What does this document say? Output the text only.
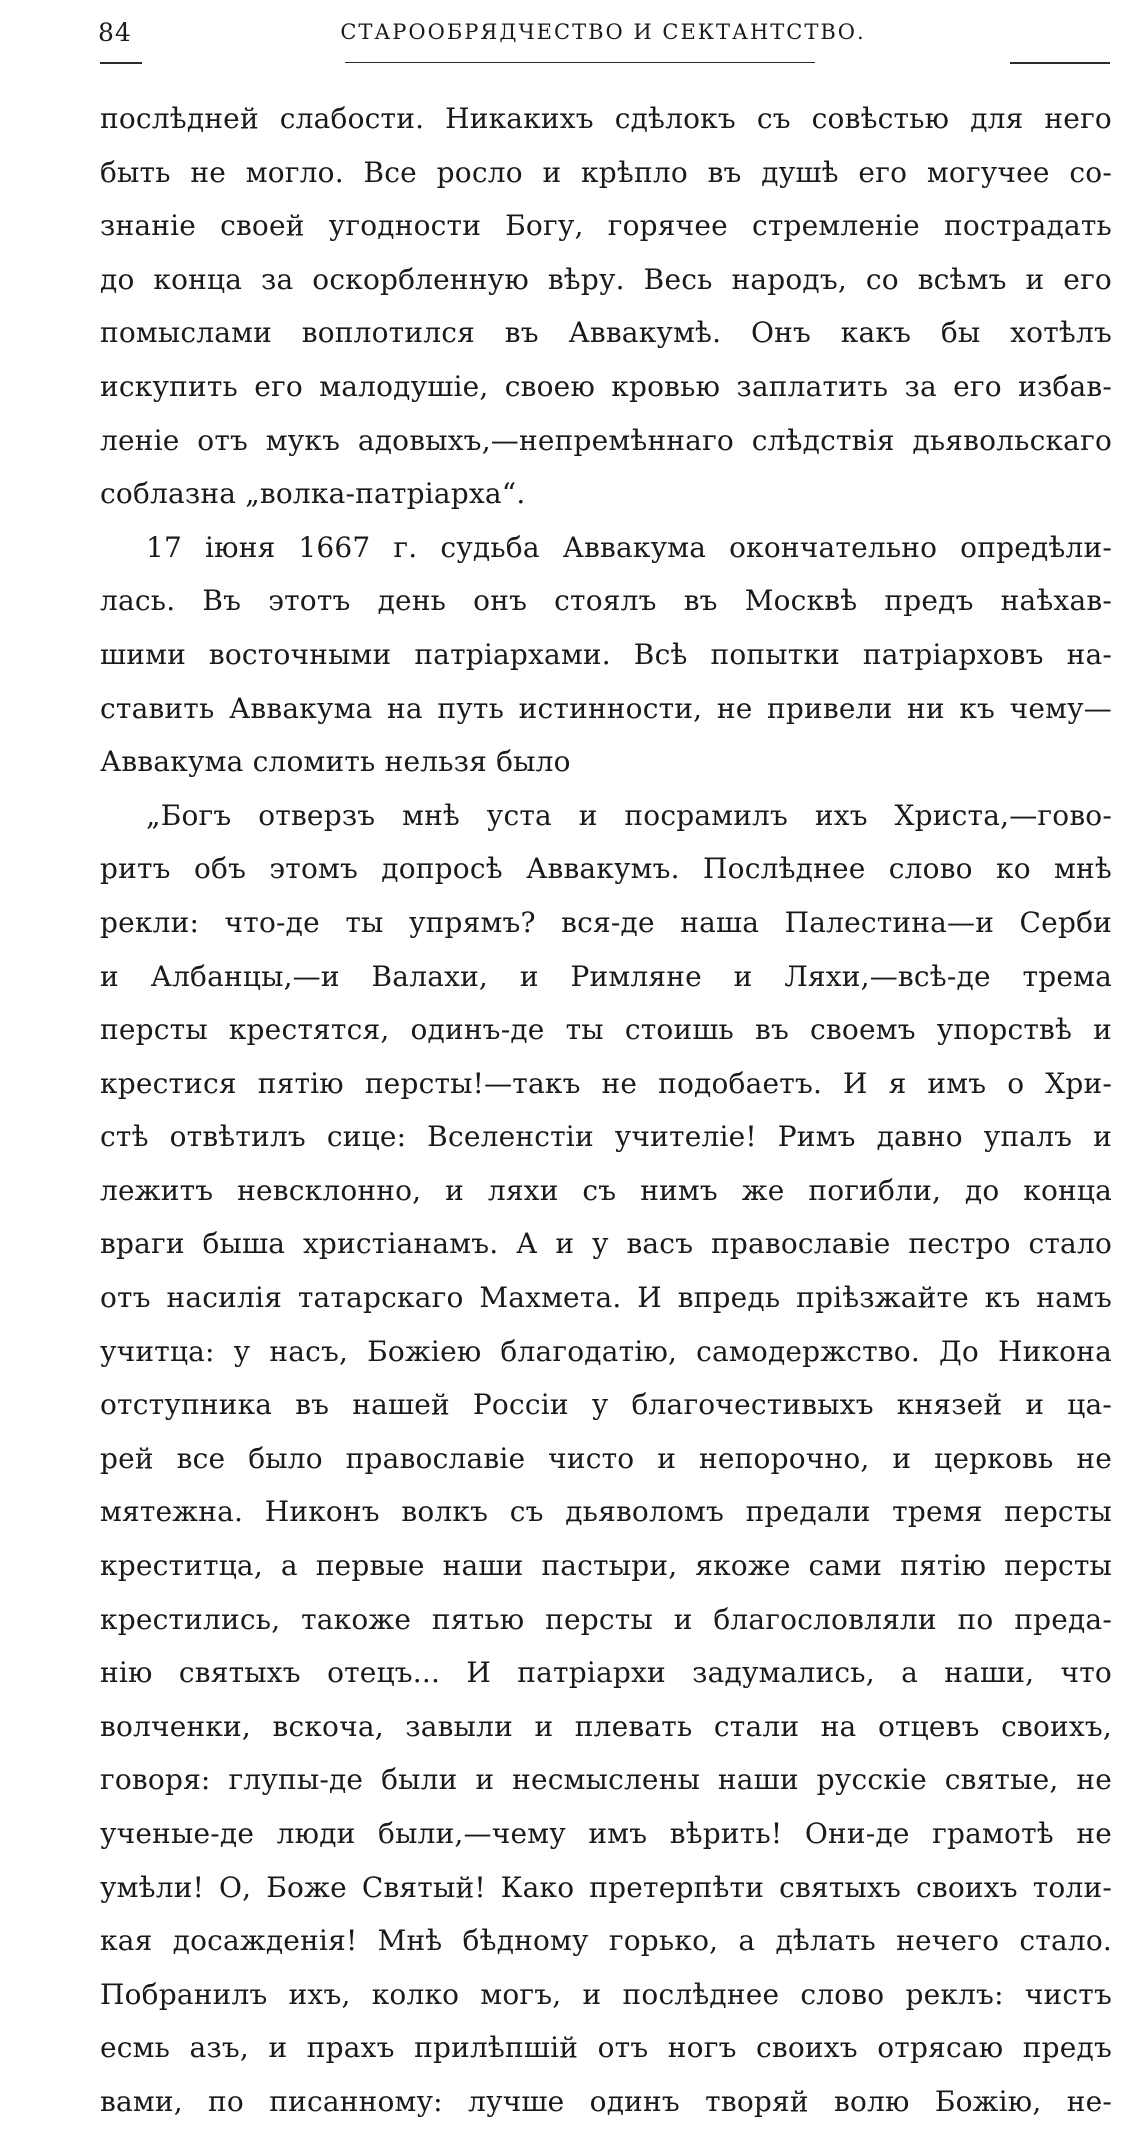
84	СТАРООБРЯДЧЕСТВО И СЕКТАНТСТВО.
послѣдней слабости. Никакихъ сдѣлокъ съ совѣстью для него
быть не могло. Все росло и крѣпло въ душѣ его могучее со-
знаніе своей угодности Богу, горячее стремленіе пострадать
до конца за оскорбленную вѣру. Весь народъ, со всѣмъ и его
помыслами воплотился въ Аввакумѣ. Онъ какъ бы хотѣлъ
искупить его малодушіе, своею кровью заплатить за его избав-
леніе отъ мукъ адовыхъ,—непремѣннаго слѣдствія дьявольскаго
соблазна „волка-патріарха“.
17 іюня 1667 г. судьба Аввакума окончательно опредѣли-
лась. Въ этотъ день онъ стоялъ въ Москвѣ предъ наѣхав-
шими восточными патріархами. Всѣ попытки патріарховъ на-
ставить Аввакума на путь истинности, не привели ни къ чему—
Аввакума сломить нельзя было
„Богъ отверзъ мнѣ уста и посрамилъ ихъ Христа,—гово-
ритъ объ этомъ допросѣ Аввакумъ. Послѣднее слово ко мнѣ
рекли: что-де ты упрямъ? вся-де наша Палестина—и Серби
и Албанцы,—и Валахи, и Римляне и Ляхи,—всѣ-де трема
персты крестятся, одинъ-де ты стоишь въ своемъ упорствѣ и
крестися пятію персты!—такъ не подобаетъ. И я имъ о Хри-
стѣ отвѣтилъ сице: Вселенстіи учителіе! Римъ давно упалъ и
лежитъ невсклонно, и ляхи съ нимъ же погибли, до конца
враги быша христіанамъ. А и у васъ православіе пестро стало
отъ насилія татарскаго Махмета. И впредь пріѣзжайте къ намъ
учитца: у насъ, Божіею благодатію, самодержство. До Никона
отступника въ нашей Россіи у благочестивыхъ князей и ца-
рей все было православіе чисто и непорочно, и церковь не
мятежна. Никонъ волкъ съ дьяволомъ предали тремя персты
креститца, а первые наши пастыри, якоже сами пятію персты
крестились, такоже пятью персты и благословляли по преда-
нію святыхъ отецъ... И патріархи задумались, а наши, что
волченки, вскоча, завыли и плевать стали на отцевъ своихъ,
говоря: глупы-де были и несмыслены наши русскіе святые, не
ученые-де люди были,—чему имъ вѣрить! Они-де грамотѣ не
умѣли! О, Боже Святый! Како претерпѣти святыхъ своихъ толи-
кая досажденія! Мнѣ бѣдному горько, а дѣлать нечего стало.
Побранилъ ихъ, колко могъ, и послѣднее слово реклъ: чистъ
есмь азъ, и прахъ прилѣпшій отъ ногъ своихъ отрясаю предъ
вами, по писанному: лучше одинъ творяй волю Божію, не-
